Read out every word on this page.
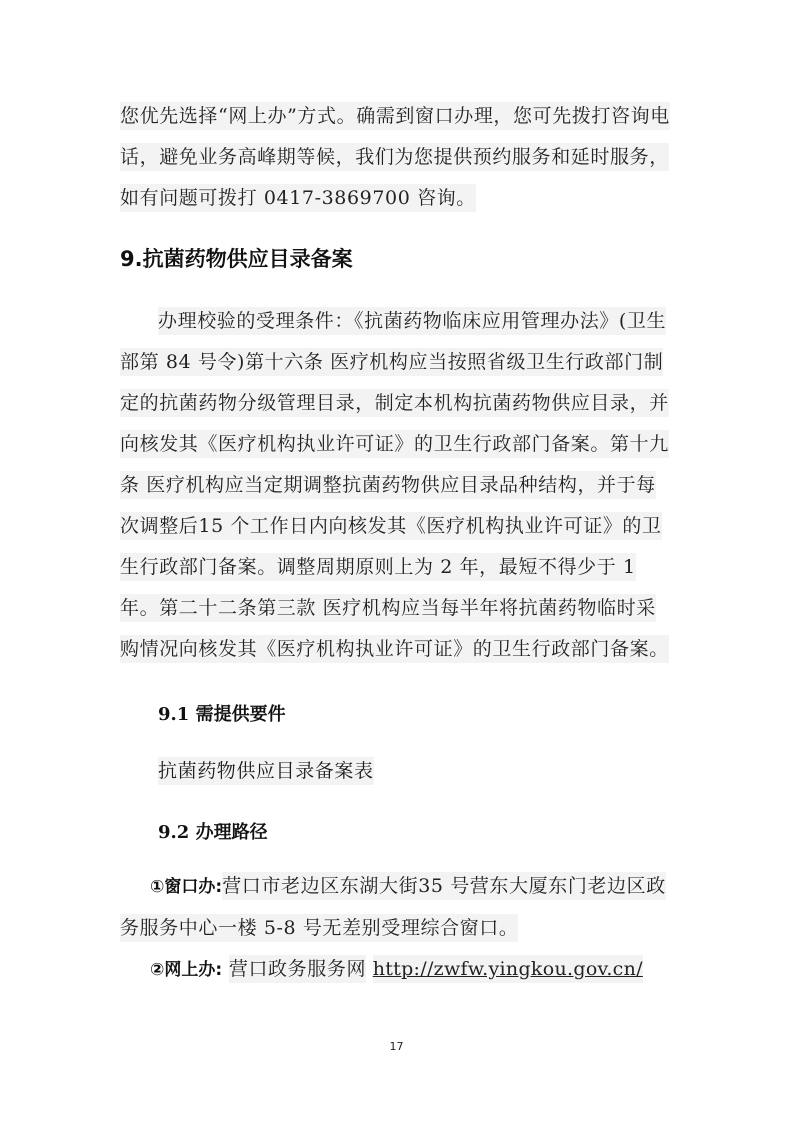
您优先选择“网上办”方式。确需到窗口办理，您可先拨打咨询电话，避免业务高峰期等候，我们为您提供预约服务和延时服务，如有问题可拨打 0417-3869700 咨询。

9.抗菌药物供应目录备案

办理校验的受理条件：《抗菌药物临床应用管理办法》(卫生部第 84 号令)第十六条 医疗机构应当按照省级卫生行政部门制定的抗菌药物分级管理目录，制定本机构抗菌药物供应目录，并向核发其《医疗机构执业许可证》的卫生行政部门备案。第十九条 医疗机构应当定期调整抗菌药物供应目录品种结构，并于每次调整后15 个工作日内向核发其《医疗机构执业许可证》的卫生行政部门备案。调整周期原则上为 2 年，最短不得少于 1 年。第二十二条第三款 医疗机构应当每半年将抗菌药物临时采购情况向核发其《医疗机构执业许可证》的卫生行政部门备案。

9.1 需提供要件

抗菌药物供应目录备案表

9.2 办理路径

①窗口办:营口市老边区东湖大街35 号营东大厦东门老边区政务服务中心一楼 5-8 号无差别受理综合窗口。

②网上办: 营口政务服务网 http://zwfw.yingkou.gov.cn/

17
